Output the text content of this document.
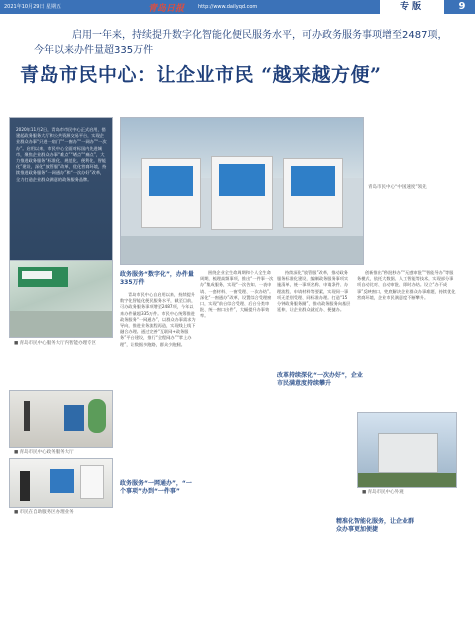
2021年10月29日 星期五	青岛日报	http://www.dailyqd.com	专版	9
启用一年来，持续提升数字化智能化便民服务水平，可办政务服务事项增至2487项，
今年以来办件量超335万件
青岛市民中心：让企业市民 “越来越方便”
2020年11月2日，青岛市市民中心正式启用，搭建起政务服务大厅和公共资源交易平台，实现企业群众办事“只进一扇门”“一窗办”“一网办”“一次办”。启用以来，市民中心全面对标国内先进城市，聚焦企业群众办事“难点”“堵点”“痛点”，大力推进政务服务“标准化、规范化、便利化、智能化”建设，深化“放管服”改革，优化营商环境，持续推进政务服务“一网通办”和“一次办好”改革，全力打造企业群众满意的政务服务品牌。
青岛市民中心“中国速度”领先
■ 青岛市民中心服务大厅内智能办理专区
■ 青岛市民中心政务服务大厅
■ 市民在自助服务区办理业务
政务服务“数字化”，办件量335万件
政务服务“一网通办”，“一个事项”办到“一件事”
改革持续深化“一次办好”，企业市民满意度持续攀升
精准化智能化服务，让企业群众办事更加便捷

青岛市民中心自启用以来，持续提升数字化智能化便民服务水平，截至目前，可办政务服务事项增至2487项，今年以来办件量超335万件。市民中心统筹推进政务服务“一网通办”，以群众办事需求为导向，推进业务流程再造，实现线上线下融合办理。通过完善“互联网+政务服务”平台建设，推行“全程网办”“掌上办理”，让数据多跑路，群众少跑腿。

围绕企业全生命周期和个人全生命周期，梳理高频事项，推出“一件事一次办”集成服务，实现“一次告知、一表申请、一套材料、一窗受理、一次办结”。深化“一窗通办”改革，设置综合受理窗口，实现“前台综合受理、后台分类审批、统一窗口出件”，大幅提升办事效率。

持续深化“放管服”改革，推动政务服务标准化建设，编制政务服务事项实施清单，统一事项名称、申请条件、办理流程、申请材料等要素，实现同一事项无差别受理、同标准办理。打造“15分钟政务服务圈”，推动政务服务向基层延伸，让企业群众就近办、便捷办。

创新推出“秒批秒办”“无感审批”“智能导办”等服务模式，依托大数据、人工智能等技术，实现部分事项自动比对、自动审批、即时办结。设立“办不成事”反映窗口，兜底解决企业群众办事难题，持续优化营商环境，企业市民满意度不断攀升。

■ 青岛市民中心外观
